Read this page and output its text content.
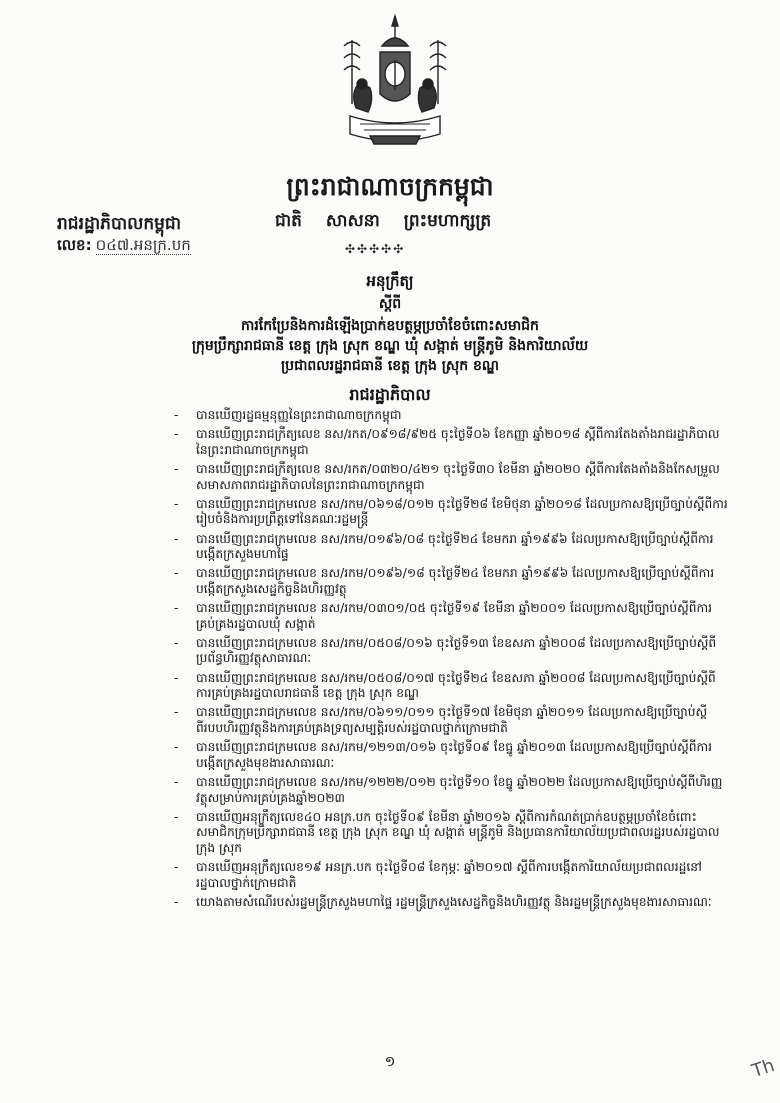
ព្រះរាជាណាចក្រកម្ពុជា
រាជរដ្ឋាភិបាលកម្ពុជា	ជាតិ សាសនា ព្រះមហាក្សត្រ
✣✣✣✣✣
លេខ: ០៤៧.អនក្រ.បក
អនុក្រឹត្យ
ស្តីពី
ការកែប្រែនិងការដំឡើងប្រាក់ឧបត្ថម្ភប្រចាំខែចំពោះសមាជិក
ក្រុមប្រឹក្សារាជធានី ខេត្ត ក្រុង ស្រុក ខណ្ឌ ឃុំ សង្កាត់ មន្ត្រីភូមិ និងការិយាល័យ
ប្រជាពលរដ្ឋរាជធានី ខេត្ត ក្រុង ស្រុក ខណ្ឌ
រាជរដ្ឋាភិបាល
- បានឃើញរដ្ឋធម្មនុញ្ញនៃព្រះរាជាណាចក្រកម្ពុជា
- បានឃើញព្រះរាជក្រឹត្យលេខ នស/រកត/០៩១៨/៩២៥ ចុះថ្ងៃទី០៦ ខែកញ្ញា ឆ្នាំ២០១៨ ស្តីពីការតែងតាំងរាជរដ្ឋាភិបាលនៃព្រះរាជាណាចក្រកម្ពុជា
- បានឃើញព្រះរាជក្រឹត្យលេខ នស/រកត/០៣២០/៤២១ ចុះថ្ងៃទី៣០ ខែមីនា ឆ្នាំ២០២០ ស្តីពីការតែងតាំងនិងកែសម្រួលសមាសភាពរាជរដ្ឋាភិបាលនៃព្រះរាជាណាចក្រកម្ពុជា
- បានឃើញព្រះរាជក្រមលេខ នស/រកម/០៦១៨/០១២ ចុះថ្ងៃទី២៨ ខែមិថុនា ឆ្នាំ២០១៨ ដែលប្រកាសឱ្យប្រើច្បាប់ស្តីពីការរៀបចំនិងការប្រព្រឹត្តទៅនៃគណៈរដ្ឋមន្ត្រី
- បានឃើញព្រះរាជក្រមលេខ នស/រកម/០១៩៦/០៨ ចុះថ្ងៃទី២៤ ខែមករា ឆ្នាំ១៩៩៦ ដែលប្រកាសឱ្យប្រើច្បាប់ស្តីពីការបង្កើតក្រសួងមហាផ្ទៃ
- បានឃើញព្រះរាជក្រមលេខ នស/រកម/០១៩៦/១៨ ចុះថ្ងៃទី២៤ ខែមករា ឆ្នាំ១៩៩៦ ដែលប្រកាសឱ្យប្រើច្បាប់ស្តីពីការបង្កើតក្រសួងសេដ្ឋកិច្ចនិងហិរញ្ញវត្ថុ
- បានឃើញព្រះរាជក្រមលេខ នស/រកម/០៣០១/០៥ ចុះថ្ងៃទី១៩ ខែមីនា ឆ្នាំ២០០១ ដែលប្រកាសឱ្យប្រើច្បាប់ស្តីពីការគ្រប់គ្រងរដ្ឋបាលឃុំ សង្កាត់
- បានឃើញព្រះរាជក្រមលេខ នស/រកម/០៥០៨/០១៦ ចុះថ្ងៃទី១៣ ខែឧសភា ឆ្នាំ២០០៨ ដែលប្រកាសឱ្យប្រើច្បាប់ស្តីពីប្រព័ន្ធហិរញ្ញវត្ថុសាធារណៈ
- បានឃើញព្រះរាជក្រមលេខ នស/រកម/០៥០៨/០១៧ ចុះថ្ងៃទី២៤ ខែឧសភា ឆ្នាំ២០០៨ ដែលប្រកាសឱ្យប្រើច្បាប់ស្តីពីការគ្រប់គ្រងរដ្ឋបាលរាជធានី ខេត្ត ក្រុង ស្រុក ខណ្ឌ
- បានឃើញព្រះរាជក្រមលេខ នស/រកម/០៦១១/០១១ ចុះថ្ងៃទី១៧ ខែមិថុនា ឆ្នាំ២០១១ ដែលប្រកាសឱ្យប្រើច្បាប់ស្តីពីរបបហិរញ្ញវត្ថុនិងការគ្រប់គ្រងទ្រព្យសម្បត្តិរបស់រដ្ឋបាលថ្នាក់ក្រោមជាតិ
- បានឃើញព្រះរាជក្រមលេខ នស/រកម/១២១៣/០១៦ ចុះថ្ងៃទី០៩ ខែធ្នូ ឆ្នាំ២០១៣ ដែលប្រកាសឱ្យប្រើច្បាប់ស្តីពីការបង្កើតក្រសួងមុខងារសាធារណៈ
- បានឃើញព្រះរាជក្រមលេខ នស/រកម/១២២២/០១២ ចុះថ្ងៃទី១០ ខែធ្នូ ឆ្នាំ២០២២ ដែលប្រកាសឱ្យប្រើច្បាប់ស្តីពីហិរញ្ញវត្ថុសម្រាប់ការគ្រប់គ្រងឆ្នាំ២០២៣
- បានឃើញអនុក្រឹត្យលេខ៤០ អនក្រ.បក ចុះថ្ងៃទី០៩ ខែមីនា ឆ្នាំ២០១៦ ស្តីពីការកំណត់ប្រាក់ឧបត្ថម្ភប្រចាំខែចំពោះសមាជិកក្រុមប្រឹក្សារាជធានី ខេត្ត ក្រុង ស្រុក ខណ្ឌ ឃុំ សង្កាត់ មន្ត្រីភូមិ និងប្រធានការិយាល័យប្រជាពលរដ្ឋរបស់រដ្ឋបាលក្រុង ស្រុក
- បានឃើញអនុក្រឹត្យលេខ១៩ អនក្រ.បក ចុះថ្ងៃទី០៨ ខែកុម្ភៈ ឆ្នាំ២០១៧ ស្តីពីការបង្កើតការិយាល័យប្រជាពលរដ្ឋនៅរដ្ឋបាលថ្នាក់ក្រោមជាតិ
- យោងតាមសំណើរបស់រដ្ឋមន្ត្រីក្រសួងមហាផ្ទៃ រដ្ឋមន្ត្រីក្រសួងសេដ្ឋកិច្ចនិងហិរញ្ញវត្ថុ និងរដ្ឋមន្ត្រីក្រសួងមុខងារសាធារណៈ
១	Th
